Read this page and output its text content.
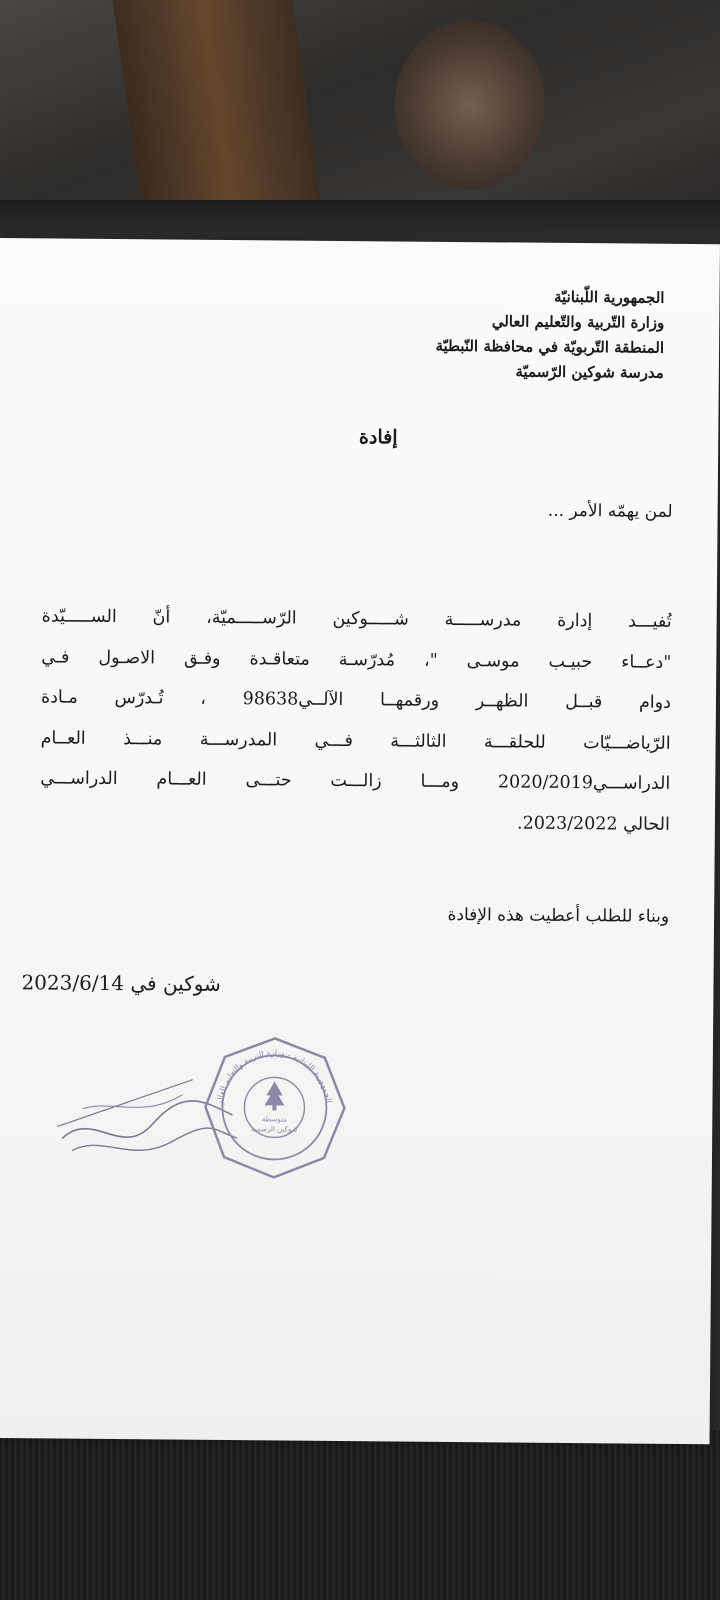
الجمهورية اللّبنانيّة
وزارة التّربية والتّعليم العالي
المنطقة التّربويّة في محافظة النّبطيّة
مدرسة شوكين الرّسميّة
إفادة
لمن يهمّه الأمر ...
تُفيـــد إدارة مدرســـــة شـــــوكين الرّســـــميّة، أنّ الســـــيّدة
"دعــاء حبيـب موسـى "، مُدرّسـة متعاقـدة وفـق الاصـول فـي
دوام قبــل الظهــر ورقمهــا الآلــي98638 ، تُـدرّس مـادة
الرّياضـــيّات للحلقـــة الثالثـــة فـــي المدرســـة منـــذ العــام
الدراســـي2020/2019 ومـــا زالـــت حتـــى العـــام الدراســـي
الحالي 2023/2022.
وبناء للطلب أعطيت هذه الإفادة
شوكين في 2023/6/14
الجمهورية اللبنانية - وزارة التربية والتعليم العالي
متوسطة
شوكين الرسمية
